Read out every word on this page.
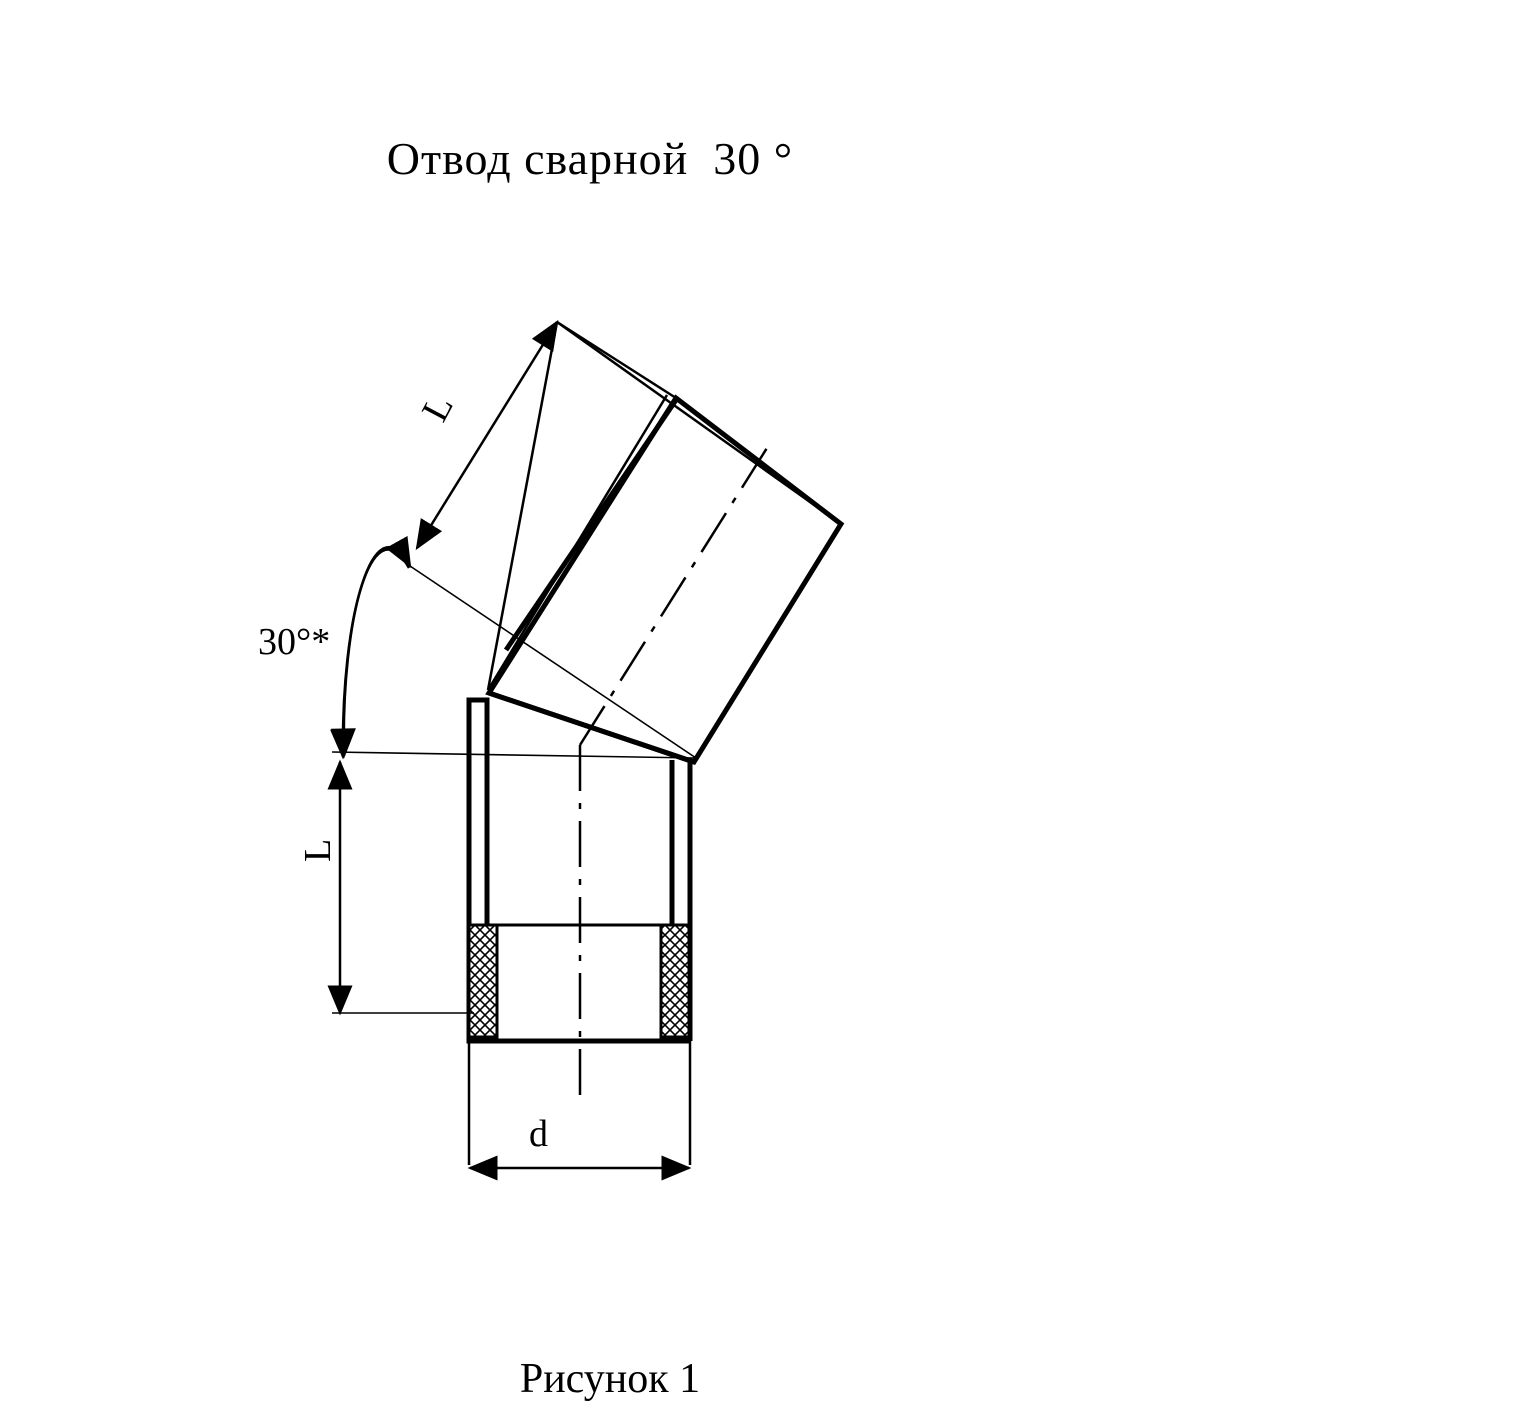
Отвод сварной  30 °
30°*
L
L
d
Рисунок 1
